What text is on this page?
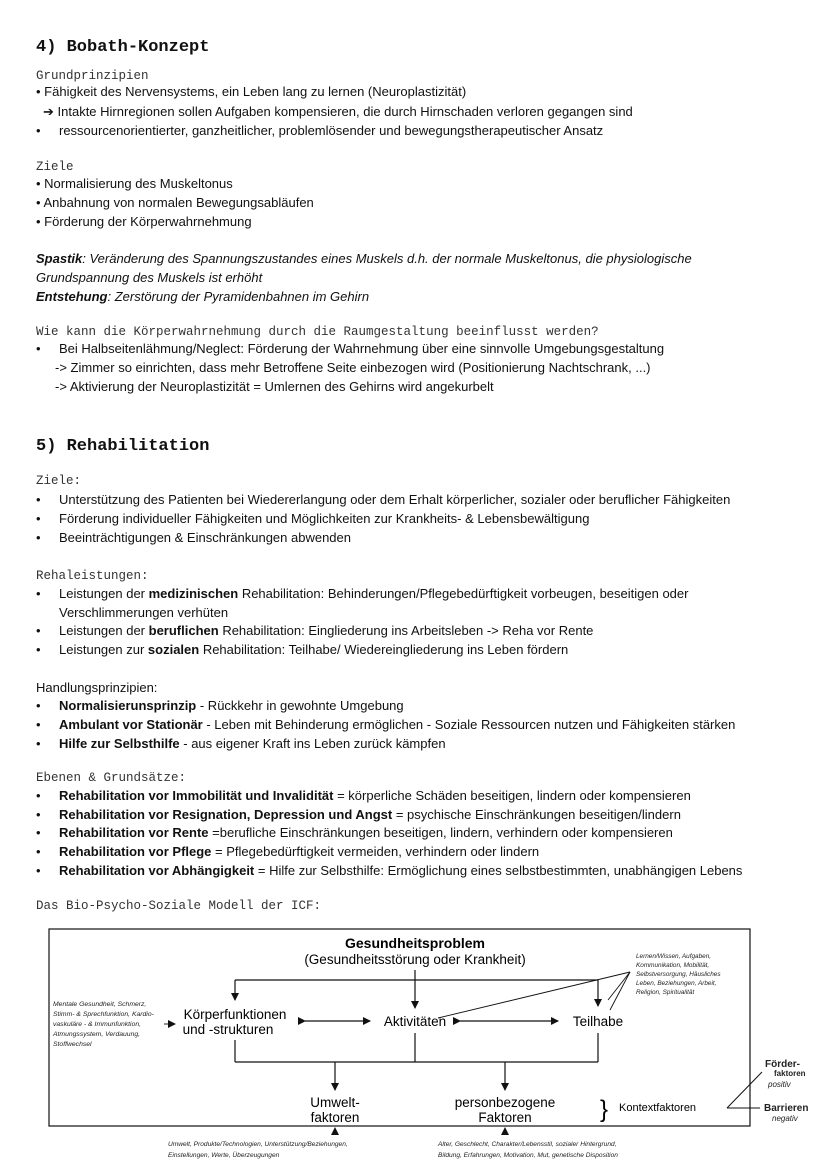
4) Bobath-Konzept
Grundprinzipien
• Fähigkeit des Nervensystems, ein Leben lang zu lernen (Neuroplastizität)
➔ Intakte Hirnregionen sollen Aufgaben kompensieren, die durch Hirnschaden verloren gegangen sind
• ressourcenorientierter, ganzheitlicher, problemlösender und bewegungstherapeutischer Ansatz
Ziele
• Normalisierung des Muskeltonus
• Anbahnung von normalen Bewegungsabläufen
• Förderung der Körperwahrnehmung
Spastik: Veränderung des Spannungszustandes eines Muskels d.h. der normale Muskeltonus, die physiologische
Grundspannung des Muskels ist erhöht
Entstehung: Zerstörung der Pyramidenbahnen im Gehirn
Wie kann die Körperwahrnehmung durch die Raumgestaltung beeinflusst werden?
• Bei Halbseitenlähmung/Neglect: Förderung der Wahrnehmung über eine sinnvolle Umgebungsgestaltung
-> Zimmer so einrichten, dass mehr Betroffene Seite einbezogen wird (Positionierung Nachtschrank, ...)
-> Aktivierung der Neuroplastizität = Umlernen des Gehirns wird angekurbelt
5) Rehabilitation
Ziele:
• Unterstützung des Patienten bei Wiedererlangung oder dem Erhalt körperlicher, sozialer oder beruflicher Fähigkeiten
• Förderung individueller Fähigkeiten und Möglichkeiten zur Krankheits- & Lebensbewältigung
• Beeinträchtigungen & Einschränkungen abwenden
Rehaleistungen:
• Leistungen der medizinischen Rehabilitation: Behinderungen/Pflegebedürftigkeit vorbeugen, beseitigen oder
Verschlimmerungen verhüten
• Leistungen der beruflichen Rehabilitation: Eingliederung ins Arbeitsleben -> Reha vor Rente
• Leistungen zur sozialen Rehabilitation: Teilhabe/ Wiedereingliederung ins Leben fördern
Handlungsprinzipien:
• Normalisierunsprinzip - Rückkehr in gewohnte Umgebung
• Ambulant vor Stationär - Leben mit Behinderung ermöglichen - Soziale Ressourcen nutzen und Fähigkeiten stärken
• Hilfe zur Selbsthilfe - aus eigener Kraft ins Leben zurück kämpfen
Ebenen & Grundsätze:
• Rehabilitation vor Immobilität und Invalidität = körperliche Schäden beseitigen, lindern oder kompensieren
• Rehabilitation vor Resignation, Depression und Angst = psychische Einschränkungen beseitigen/lindern
• Rehabilitation vor Rente =berufliche Einschränkungen beseitigen, lindern, verhindern oder kompensieren
• Rehabilitation vor Pflege = Pflegebedürftigkeit vermeiden, verhindern oder lindern
• Rehabilitation vor Abhängigkeit = Hilfe zur Selbsthilfe: Ermöglichung eines selbstbestimmten, unabhängigen Lebens
Das Bio-Psycho-Soziale Modell der ICF:
Gesundheitsproblem
(Gesundheitsstörung oder Krankheit)
Körperfunktionen
und -strukturen
Aktivitäten	Teilhabe
Umwelt-
faktoren
personbezogene
Faktoren
Mentale Gesundheit, Schmerz,
Stimm- & Sprechfunktion, Kardio-
vaskuläre - & Immunfunktion,
Atmungssystem, Verdauung,
Stoffwechsel
Lernen/Wissen, Aufgaben,
Kommunikation, Mobilität,
Selbstversorgung, Häusliches
Leben, Beziehungen, Arbeit,
Religion, Spiritualität
} Kontextfaktoren
Förder-
faktoren
positiv
Barrieren
negativ
Umwelt, Produkte/Technologien, Unterstützung/Beziehungen,
Einstellungen, Werte, Überzeugungen
Alter, Geschlecht, Charakter/Lebensstil, sozialer Hintergrund,
Bildung, Erfahrungen, Motivation, Mut, genetische Disposition
